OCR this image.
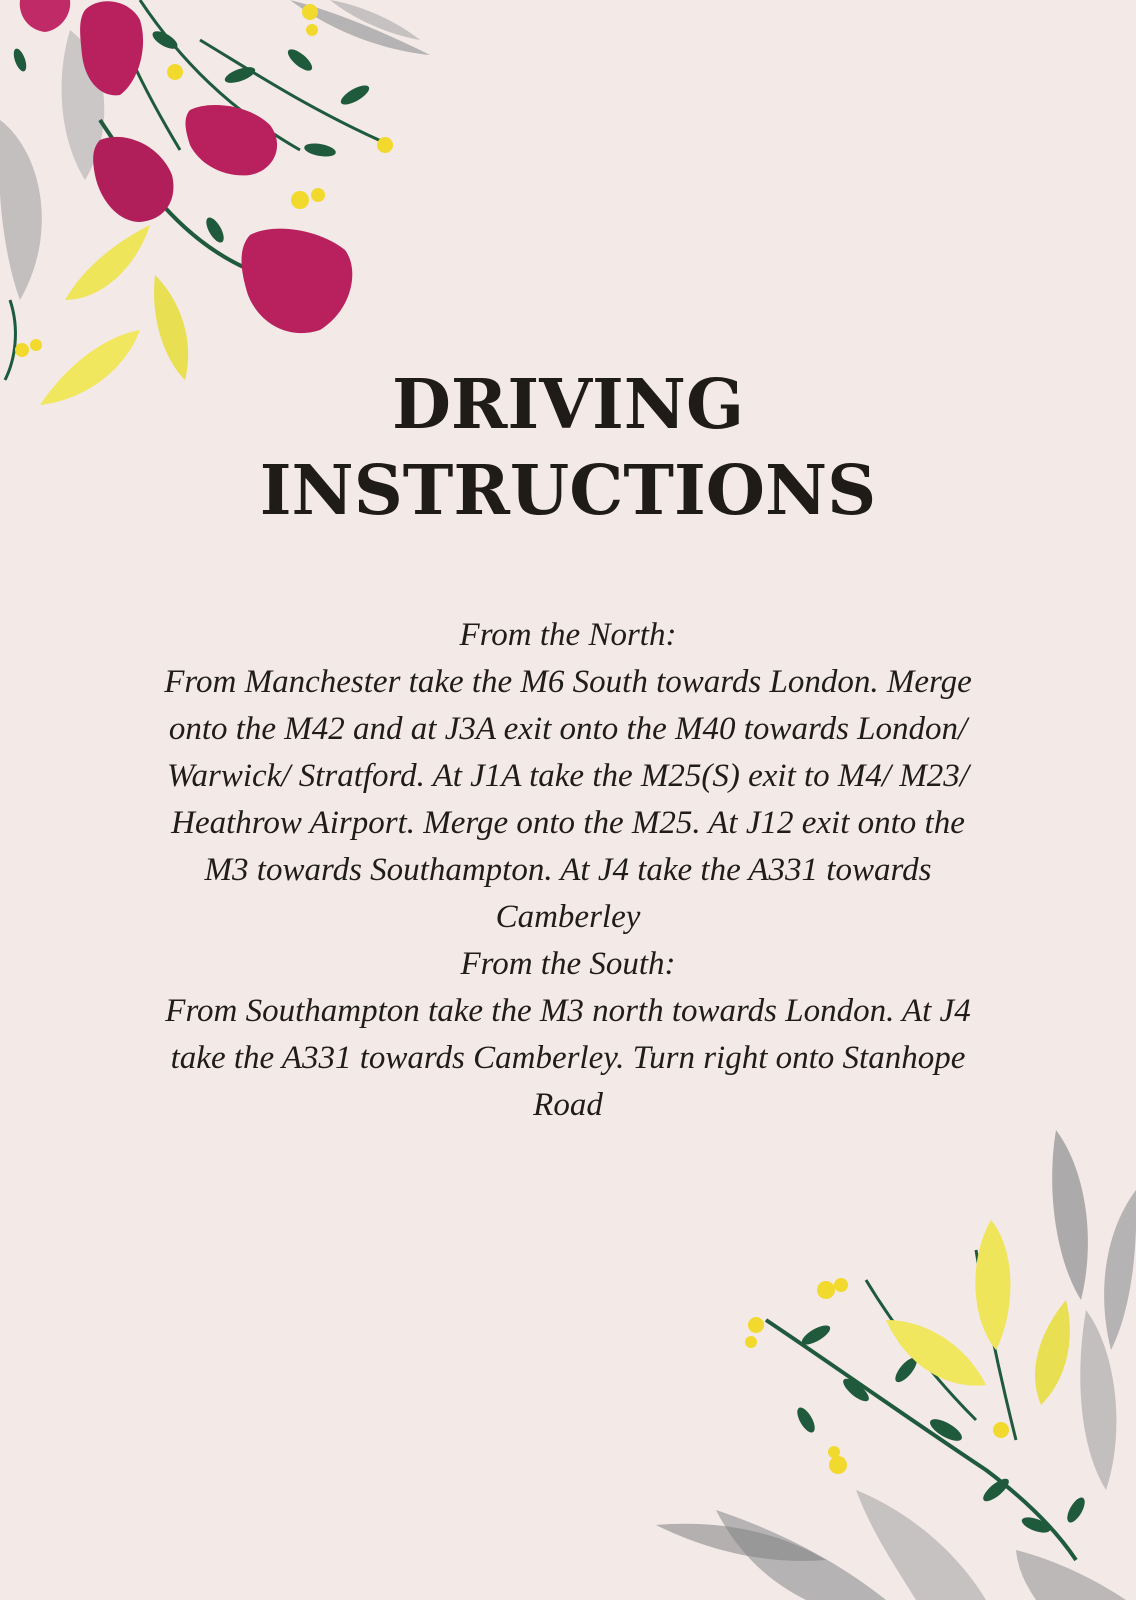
DRIVING
INSTRUCTIONS

From the North:

From Manchester take the M6 South towards London. Merge onto the M42 and at J3A exit onto the M40 towards London/ Warwick/ Stratford. At J1A take the M25(S) exit to M4/ M23/ Heathrow Airport. Merge onto the M25. At J12 exit onto the M3 towards Southampton. At J4 take the A331 towards Camberley

From the South:

From Southampton take the M3 north towards London. At J4 take the A331 towards Camberley. Turn right onto Stanhope Road
